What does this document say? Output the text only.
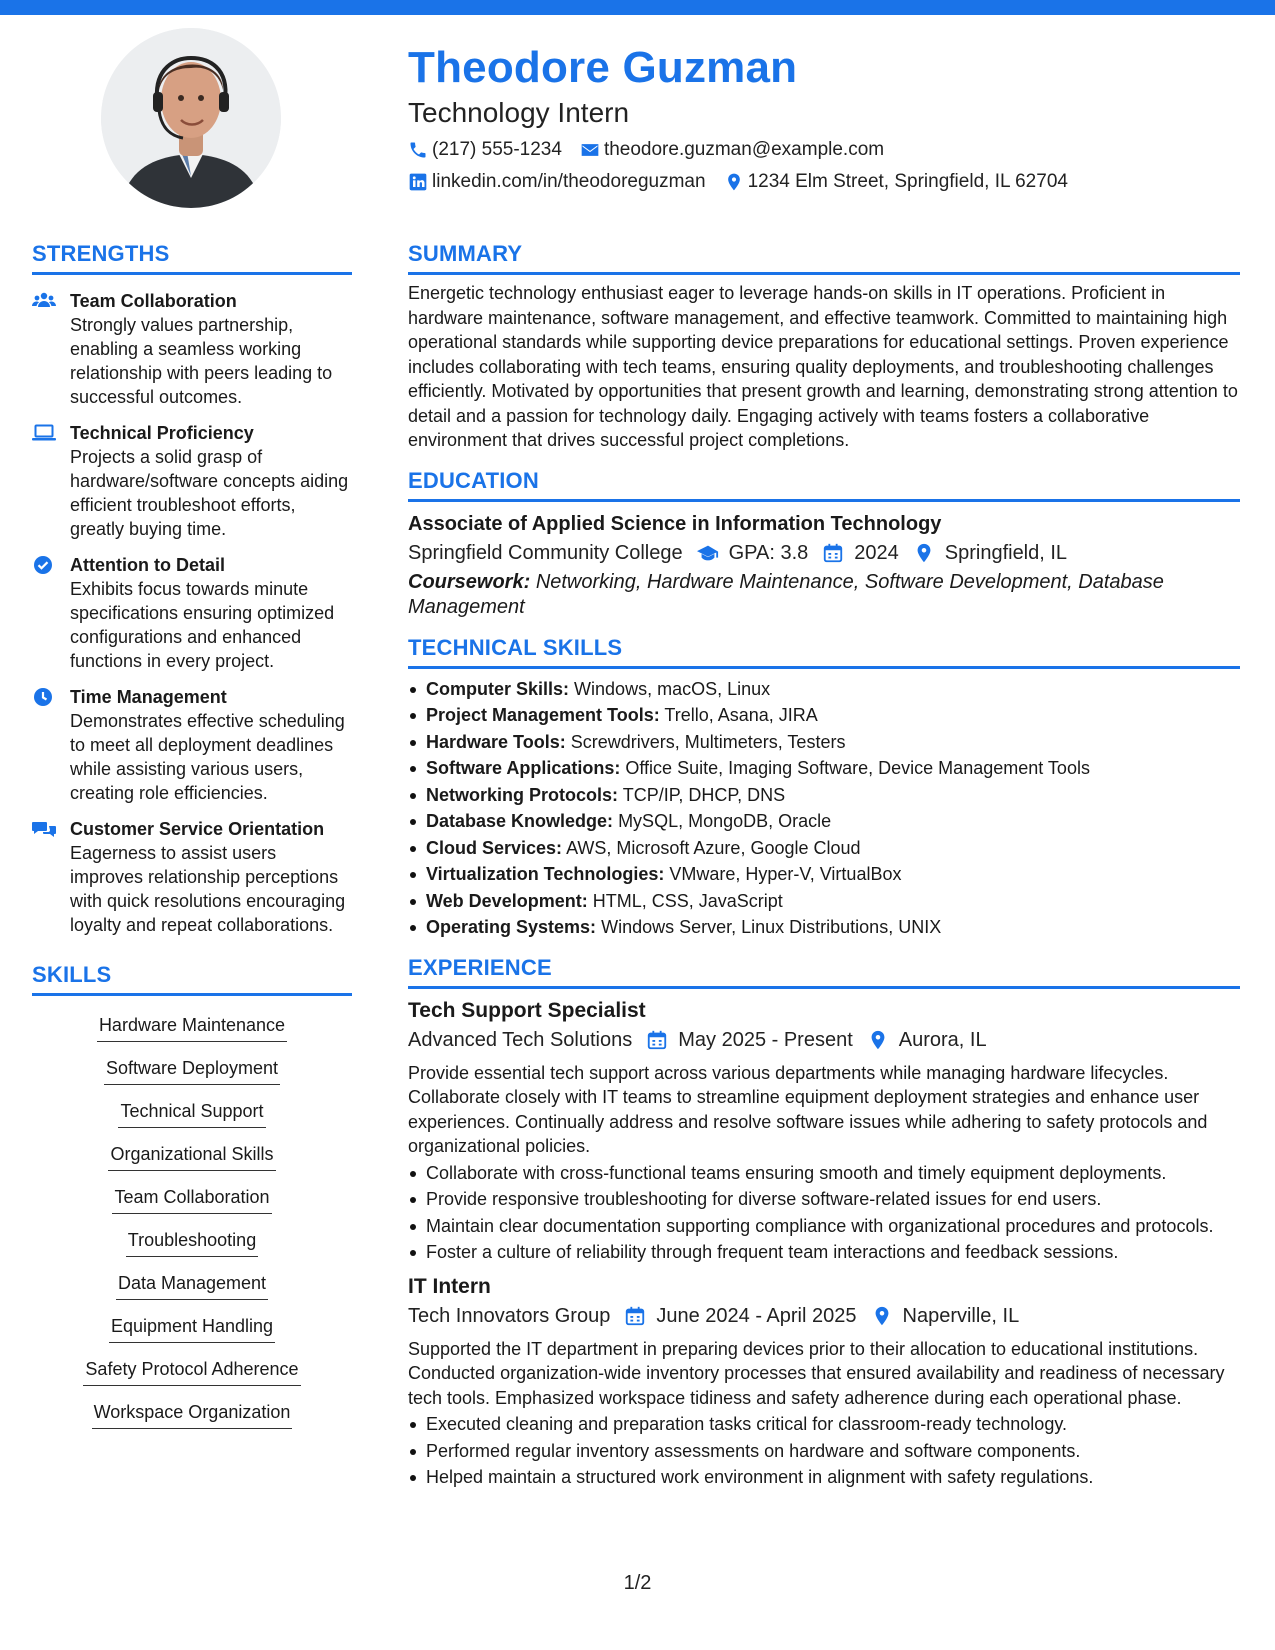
Theodore Guzman
Technology Intern
(217) 555-1234 theodore.guzman@example.com
linkedin.com/in/theodoreguzman 1234 Elm Street, Springfield, IL 62704
STRENGTHS
Team Collaboration
Strongly values partnership, enabling a seamless working relationship with peers leading to successful outcomes.
Technical Proficiency
Projects a solid grasp of hardware/software concepts aiding efficient troubleshoot efforts, greatly buying time.
Attention to Detail
Exhibits focus towards minute specifications ensuring optimized configurations and enhanced functions in every project.
Time Management
Demonstrates effective scheduling to meet all deployment deadlines while assisting various users, creating role efficiencies.
Customer Service Orientation
Eagerness to assist users improves relationship perceptions with quick resolutions encouraging loyalty and repeat collaborations.
SKILLS
Hardware Maintenance
Software Deployment
Technical Support
Organizational Skills
Team Collaboration
Troubleshooting
Data Management
Equipment Handling
Safety Protocol Adherence
Workspace Organization
SUMMARY
Energetic technology enthusiast eager to leverage hands-on skills in IT operations. Proficient in hardware maintenance, software management, and effective teamwork. Committed to maintaining high operational standards while supporting device preparations for educational settings. Proven experience includes collaborating with tech teams, ensuring quality deployments, and troubleshooting challenges efficiently. Motivated by opportunities that present growth and learning, demonstrating strong attention to detail and a passion for technology daily. Engaging actively with teams fosters a collaborative environment that drives successful project completions.
EDUCATION
Associate of Applied Science in Information Technology
Springfield Community College GPA: 3.8 2024 Springfield, IL
Coursework: Networking, Hardware Maintenance, Software Development, Database Management
TECHNICAL SKILLS
Computer Skills: Windows, macOS, Linux
Project Management Tools: Trello, Asana, JIRA
Hardware Tools: Screwdrivers, Multimeters, Testers
Software Applications: Office Suite, Imaging Software, Device Management Tools
Networking Protocols: TCP/IP, DHCP, DNS
Database Knowledge: MySQL, MongoDB, Oracle
Cloud Services: AWS, Microsoft Azure, Google Cloud
Virtualization Technologies: VMware, Hyper-V, VirtualBox
Web Development: HTML, CSS, JavaScript
Operating Systems: Windows Server, Linux Distributions, UNIX
EXPERIENCE
Tech Support Specialist
Advanced Tech Solutions May 2025 - Present Aurora, IL
Provide essential tech support across various departments while managing hardware lifecycles. Collaborate closely with IT teams to streamline equipment deployment strategies and enhance user experiences. Continually address and resolve software issues while adhering to safety protocols and organizational policies.
Collaborate with cross-functional teams ensuring smooth and timely equipment deployments.
Provide responsive troubleshooting for diverse software-related issues for end users.
Maintain clear documentation supporting compliance with organizational procedures and protocols.
Foster a culture of reliability through frequent team interactions and feedback sessions.
IT Intern
Tech Innovators Group June 2024 - April 2025 Naperville, IL
Supported the IT department in preparing devices prior to their allocation to educational institutions. Conducted organization-wide inventory processes that ensured availability and readiness of necessary tech tools. Emphasized workspace tidiness and safety adherence during each operational phase.
Executed cleaning and preparation tasks critical for classroom-ready technology.
Performed regular inventory assessments on hardware and software components.
Helped maintain a structured work environment in alignment with safety regulations.
1/2
